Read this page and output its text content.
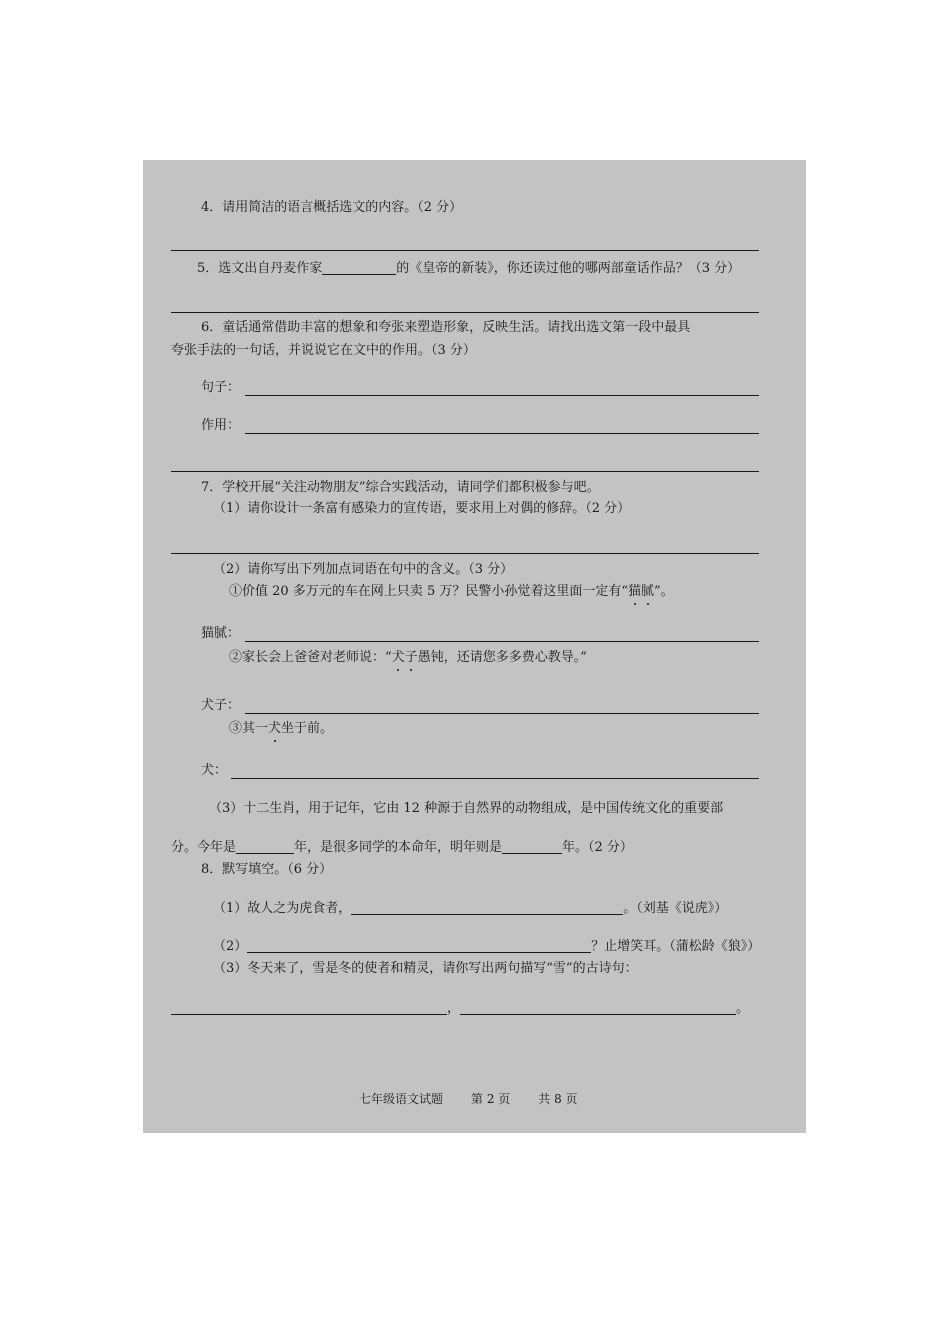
4．请用简洁的语言概括选文的内容。（2 分）
5．选文出自丹麦作家	的《皇帝的新装》，你还读过他的哪两部童话作品？（3 分）
6．童话通常借助丰富的想象和夸张来塑造形象，反映生活。请找出选文第一段中最具
夸张手法的一句话，并说说它在文中的作用。（3 分）
句子：
作用：
7．学校开展“关注动物朋友”综合实践活动，请同学们都积极参与吧。
（1）请你设计一条富有感染力的宣传语，要求用上对偶的修辞。（2 分）
（2）请你写出下列加点词语在句中的含义。（3 分）
①价值 20 多万元的车在网上只卖 5 万？民警小孙觉着这里面一定有“猫腻”。
猫腻：
②家长会上爸爸对老师说：“犬子愚钝，还请您多多费心教导。”
犬子：
③其一犬坐于前。
犬：
（3）十二生肖，用于记年，它由 12 种源于自然界的动物组成，是中国传统文化的重要部
分。今年是	年，是很多同学的本命年，明年则是	年。（2 分）
8．默写填空。（6 分）
（1）故人之为虎食者，	。（刘基《说虎》）
（2）	？止增笑耳。（蒲松龄《狼》）
（3）冬天来了，雪是冬的使者和精灵，请你写出两句描写“雪”的古诗句：
，	。
七年级语文试题 第 2 页 共 8 页
